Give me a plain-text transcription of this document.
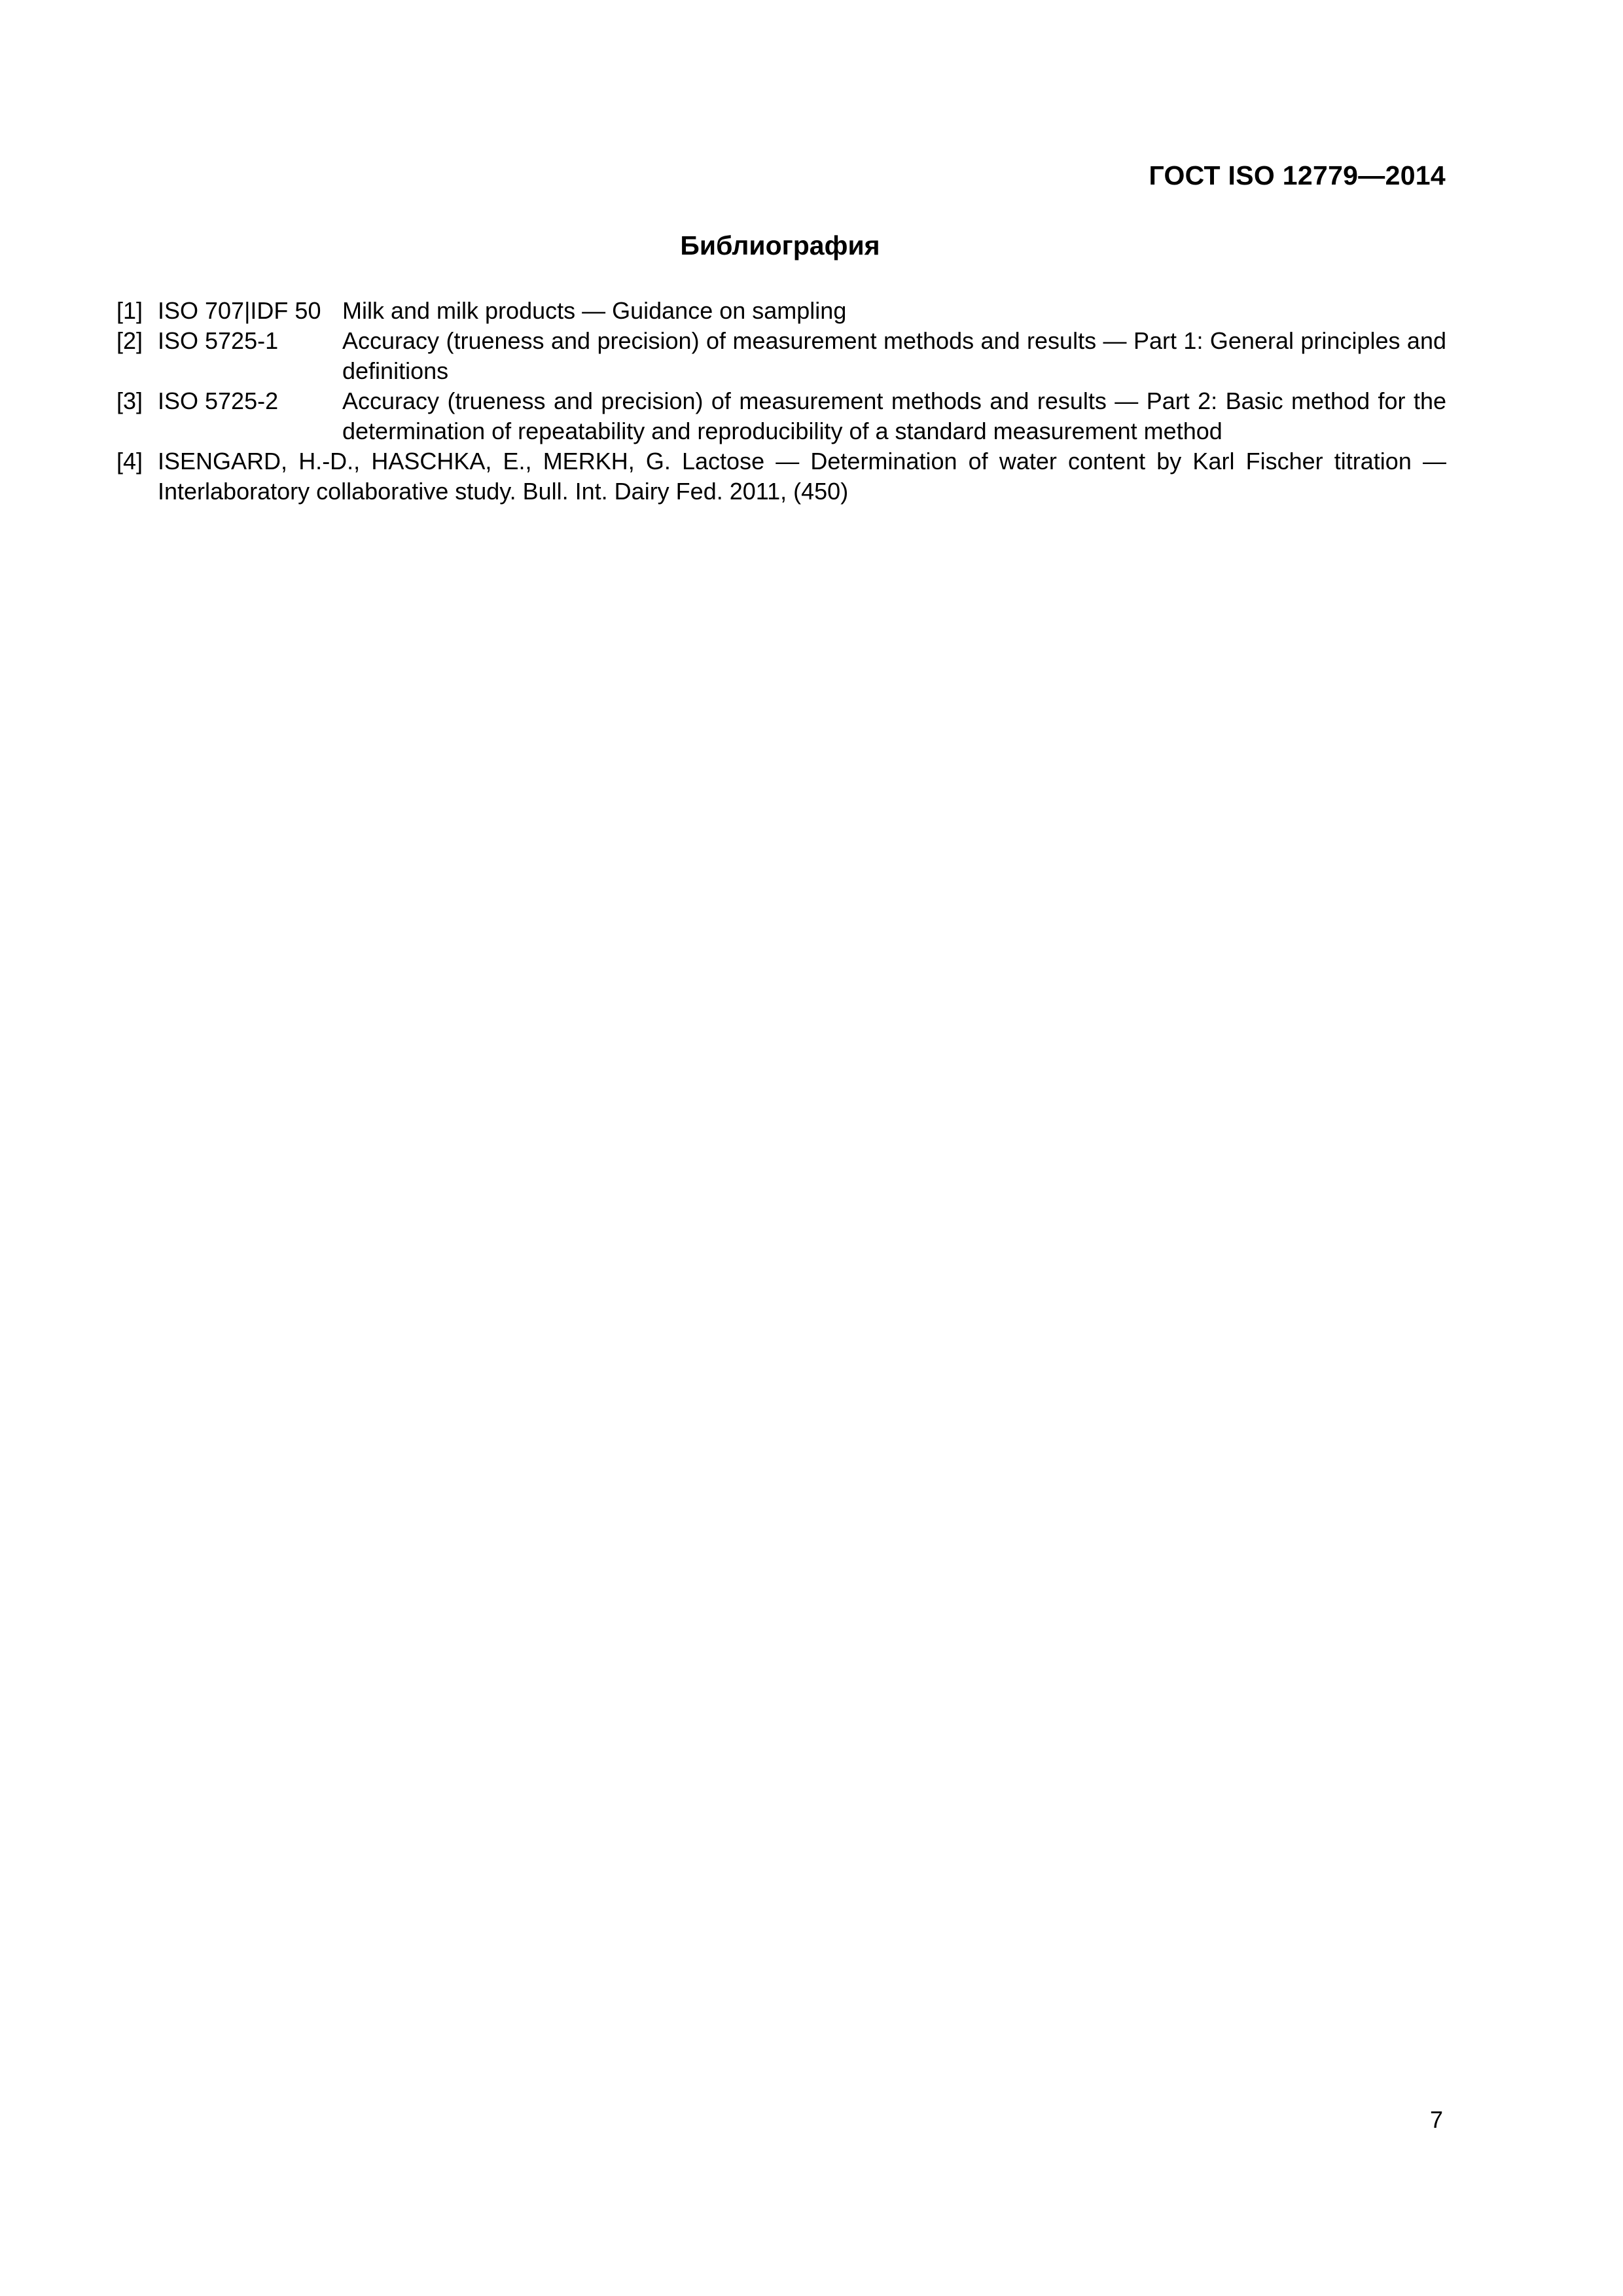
ГОСТ ISO 12779—2014
Библиография
[1] ISO 707|IDF 50 Milk and milk products — Guidance on sampling
[2] ISO 5725-1	Accuracy (trueness and precision) of measurement methods and results — Part 1: General principles and definitions
[3] ISO 5725-2	Accuracy (trueness and precision) of measurement methods and results — Part 2: Basic method for the determination of repeatability and reproducibility of a standard measurement method
[4] ISENGARD, H.-D., HASCHKA, E., MERKH, G. Lactose — Determination of water content by Karl Fischer titration — Interlaboratory collaborative study. Bull. Int. Dairy Fed. 2011, (450)
7
